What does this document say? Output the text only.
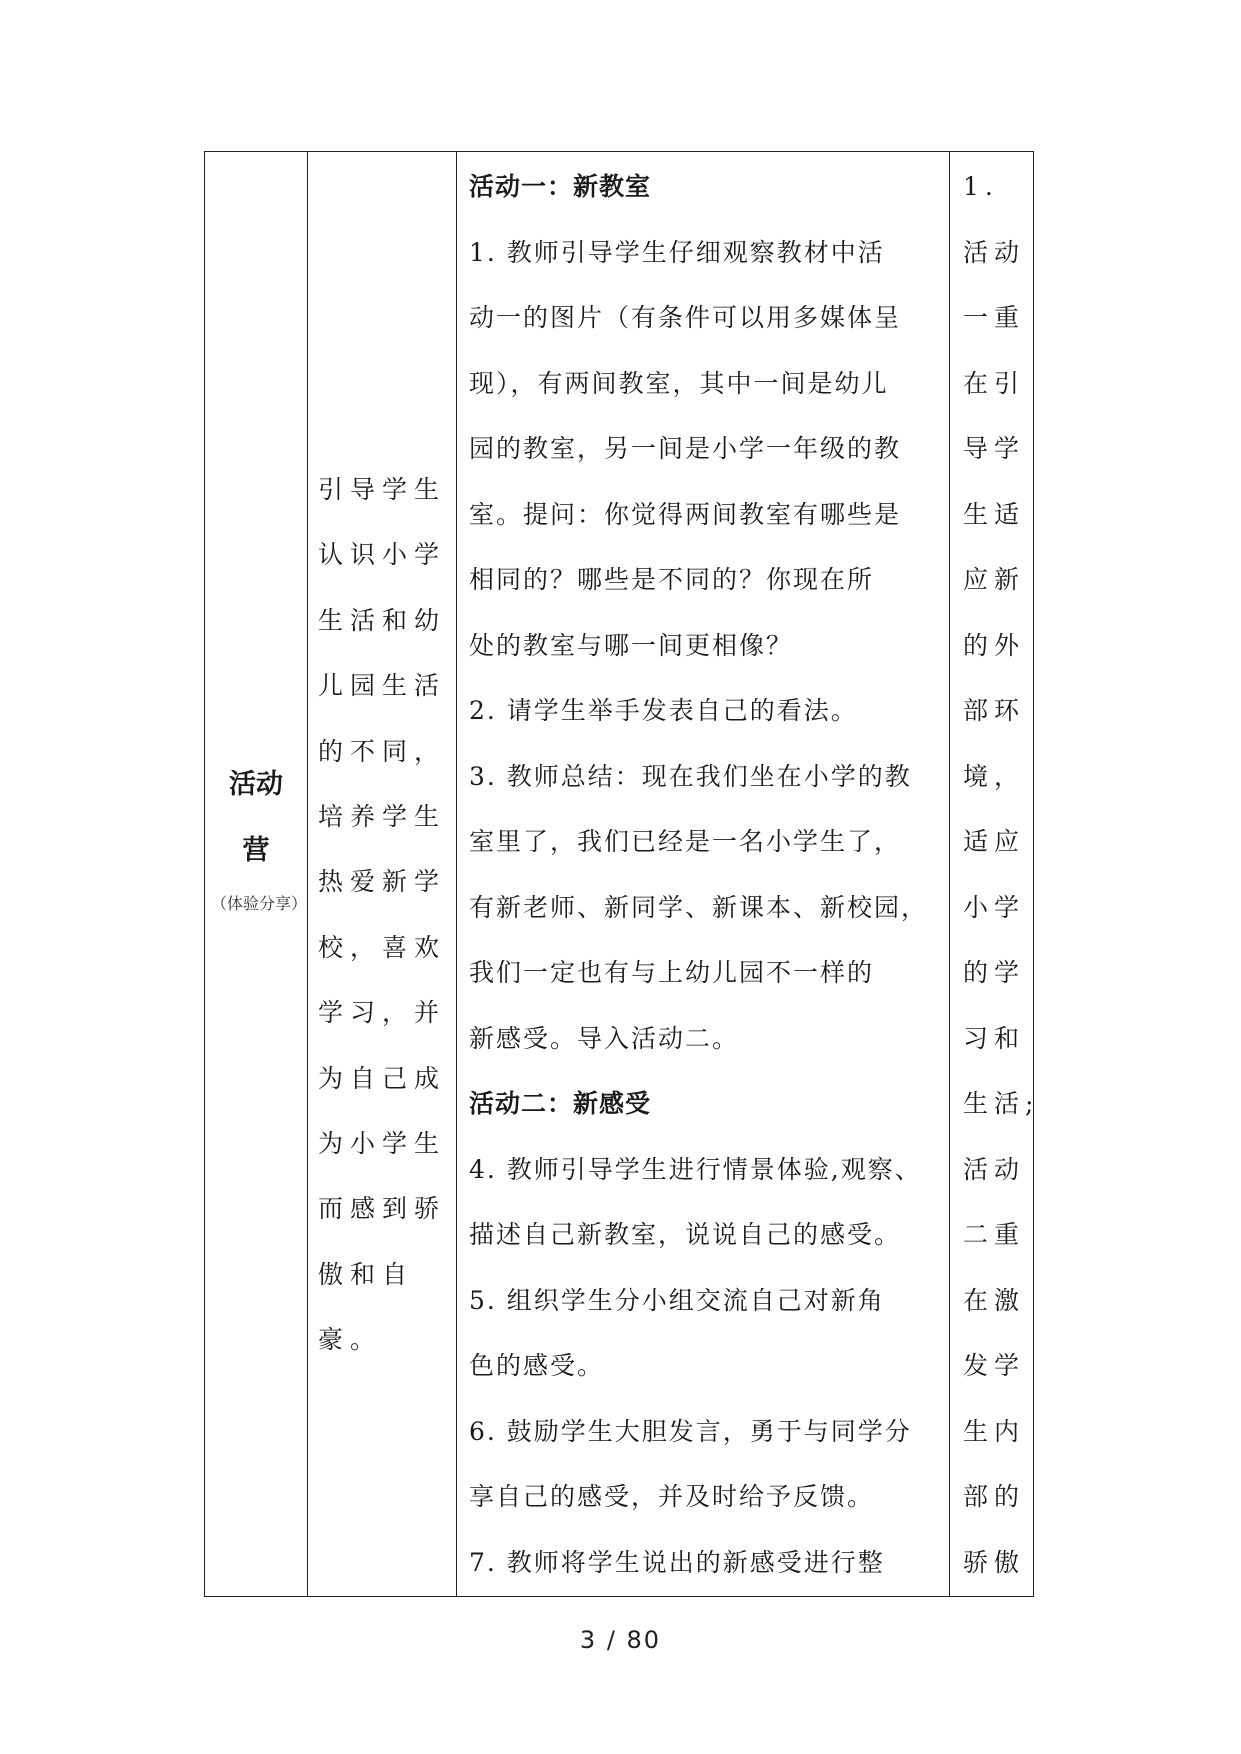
活动
营
（体验分享）
引导学生认识小学生活和幼儿园生活的不同，培养学生热爱新学校，喜欢学习，并为自己成为小学生而感到骄傲和自豪。
活动一：新教室
1. 教师引导学生仔细观察教材中活
动一的图片（有条件可以用多媒体呈
现），有两间教室，其中一间是幼儿
园的教室，另一间是小学一年级的教
室。提问：你觉得两间教室有哪些是
相同的？哪些是不同的？你现在所
处的教室与哪一间更相像？
2. 请学生举手发表自己的看法。
3. 教师总结：现在我们坐在小学的教
室里了，我们已经是一名小学生了，
有新老师、新同学、新课本、新校园，
我们一定也有与上幼儿园不一样的
新感受。导入活动二。
活动二：新感受
4. 教师引导学生进行情景体验,观察、
描述自己新教室，说说自己的感受。
5. 组织学生分小组交流自己对新角
色的感受。
6. 鼓励学生大胆发言，勇于与同学分
享自己的感受，并及时给予反馈。
7. 教师将学生说出的新感受进行整
1.
活动
一重
在引
导学
生适
应新
的外
部环
境，
适应
小学
的学
习和
生活;
活动
二重
在激
发学
生内
部的
骄傲
3 / 80
